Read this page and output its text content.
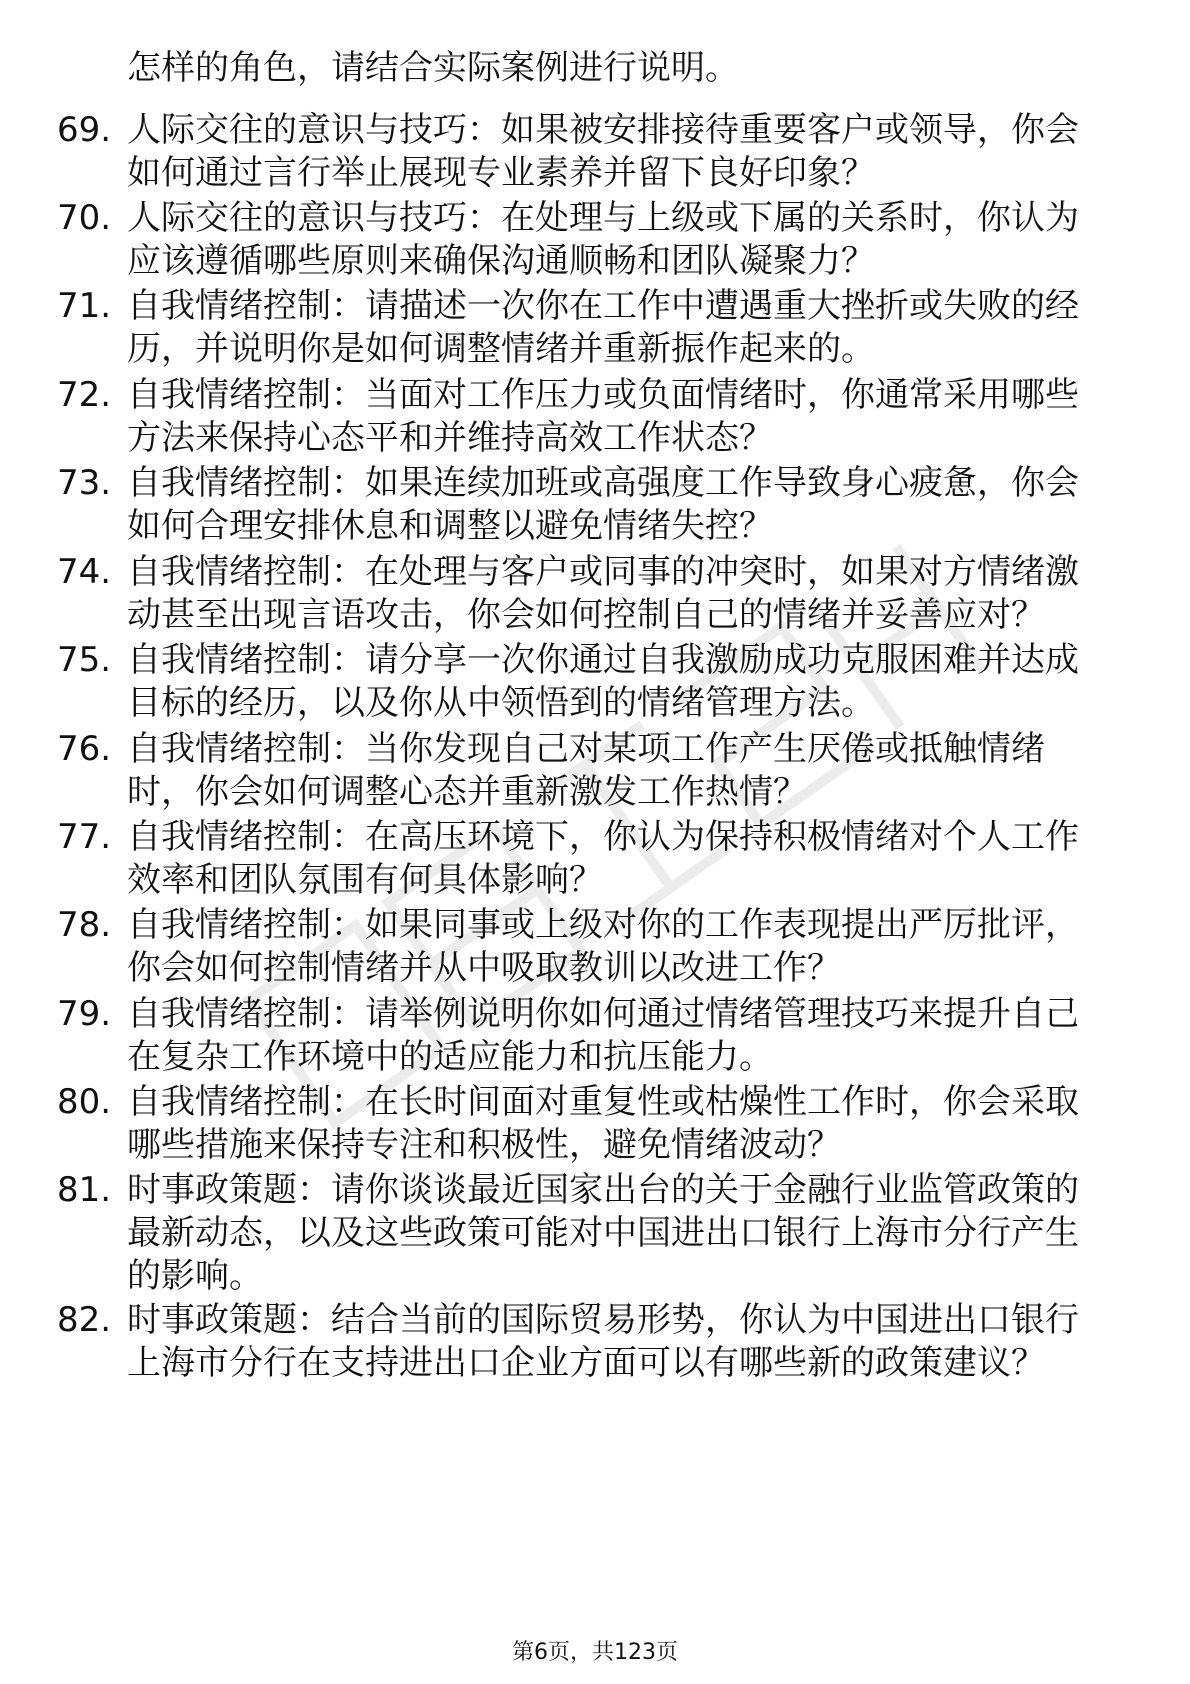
怎样的角色，请结合实际案例进行说明。
69. 人际交往的意识与技巧：如果被安排接待重要客户或领导，你会
如何通过言行举止展现专业素养并留下良好印象？
70. 人际交往的意识与技巧：在处理与上级或下属的关系时，你认为
应该遵循哪些原则来确保沟通顺畅和团队凝聚力？
71. 自我情绪控制：请描述一次你在工作中遭遇重大挫折或失败的经
历，并说明你是如何调整情绪并重新振作起来的。
72. 自我情绪控制：当面对工作压力或负面情绪时，你通常采用哪些
方法来保持心态平和并维持高效工作状态？
73. 自我情绪控制：如果连续加班或高强度工作导致身心疲惫，你会
如何合理安排休息和调整以避免情绪失控？
74. 自我情绪控制：在处理与客户或同事的冲突时，如果对方情绪激
动甚至出现言语攻击，你会如何控制自己的情绪并妥善应对？
75. 自我情绪控制：请分享一次你通过自我激励成功克服困难并达成
目标的经历，以及你从中领悟到的情绪管理方法。
76. 自我情绪控制：当你发现自己对某项工作产生厌倦或抵触情绪
时，你会如何调整心态并重新激发工作热情？
77. 自我情绪控制：在高压环境下，你认为保持积极情绪对个人工作
效率和团队氛围有何具体影响？
78. 自我情绪控制：如果同事或上级对你的工作表现提出严厉批评，
你会如何控制情绪并从中吸取教训以改进工作？
79. 自我情绪控制：请举例说明你如何通过情绪管理技巧来提升自己
在复杂工作环境中的适应能力和抗压能力。
80. 自我情绪控制：在长时间面对重复性或枯燥性工作时，你会采取
哪些措施来保持专注和积极性，避免情绪波动？
81. 时事政策题：请你谈谈最近国家出台的关于金融行业监管政策的
最新动态，以及这些政策可能对中国进出口银行上海市分行产生
的影响。
82. 时事政策题：结合当前的国际贸易形势，你认为中国进出口银行
上海市分行在支持进出口企业方面可以有哪些新的政策建议？
第6页，共123页
